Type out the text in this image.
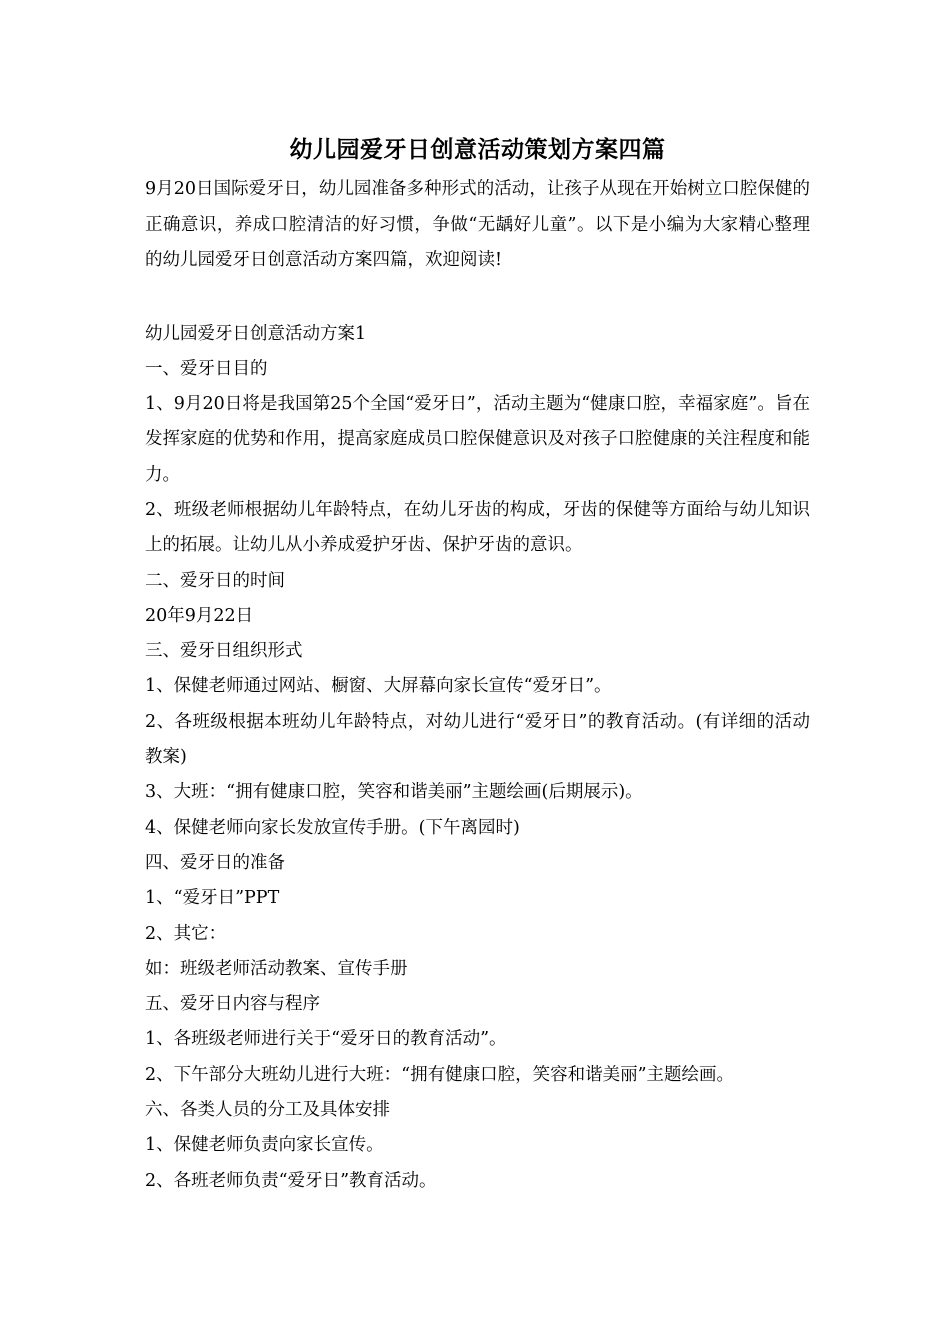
幼儿园爱牙日创意活动策划方案四篇

9月20日国际爱牙日，幼儿园准备多种形式的活动，让孩子从现在开始树立口腔保健的正确意识，养成口腔清洁的好习惯，争做“无龋好儿童”。以下是小编为大家精心整理的幼儿园爱牙日创意活动方案四篇，欢迎阅读!

幼儿园爱牙日创意活动方案1

一、爱牙日目的

1、9月20日将是我国第25个全国“爱牙日”，活动主题为“健康口腔，幸福家庭”。旨在发挥家庭的优势和作用，提高家庭成员口腔保健意识及对孩子口腔健康的关注程度和能力。

2、班级老师根据幼儿年龄特点，在幼儿牙齿的构成，牙齿的保健等方面给与幼儿知识上的拓展。让幼儿从小养成爱护牙齿、保护牙齿的意识。

二、爱牙日的时间

20年9月22日

三、爱牙日组织形式

1、保健老师通过网站、橱窗、大屏幕向家长宣传“爱牙日”。

2、各班级根据本班幼儿年龄特点，对幼儿进行“爱牙日”的教育活动。(有详细的活动教案)

3、大班：“拥有健康口腔，笑容和谐美丽”主题绘画(后期展示)。

4、保健老师向家长发放宣传手册。(下午离园时)

四、爱牙日的准备

1、“爱牙日”PPT

2、其它：

如：班级老师活动教案、宣传手册

五、爱牙日内容与程序

1、各班级老师进行关于“爱牙日的教育活动”。

2、下午部分大班幼儿进行大班：“拥有健康口腔，笑容和谐美丽”主题绘画。

六、各类人员的分工及具体安排

1、保健老师负责向家长宣传。

2、各班老师负责“爱牙日”教育活动。
